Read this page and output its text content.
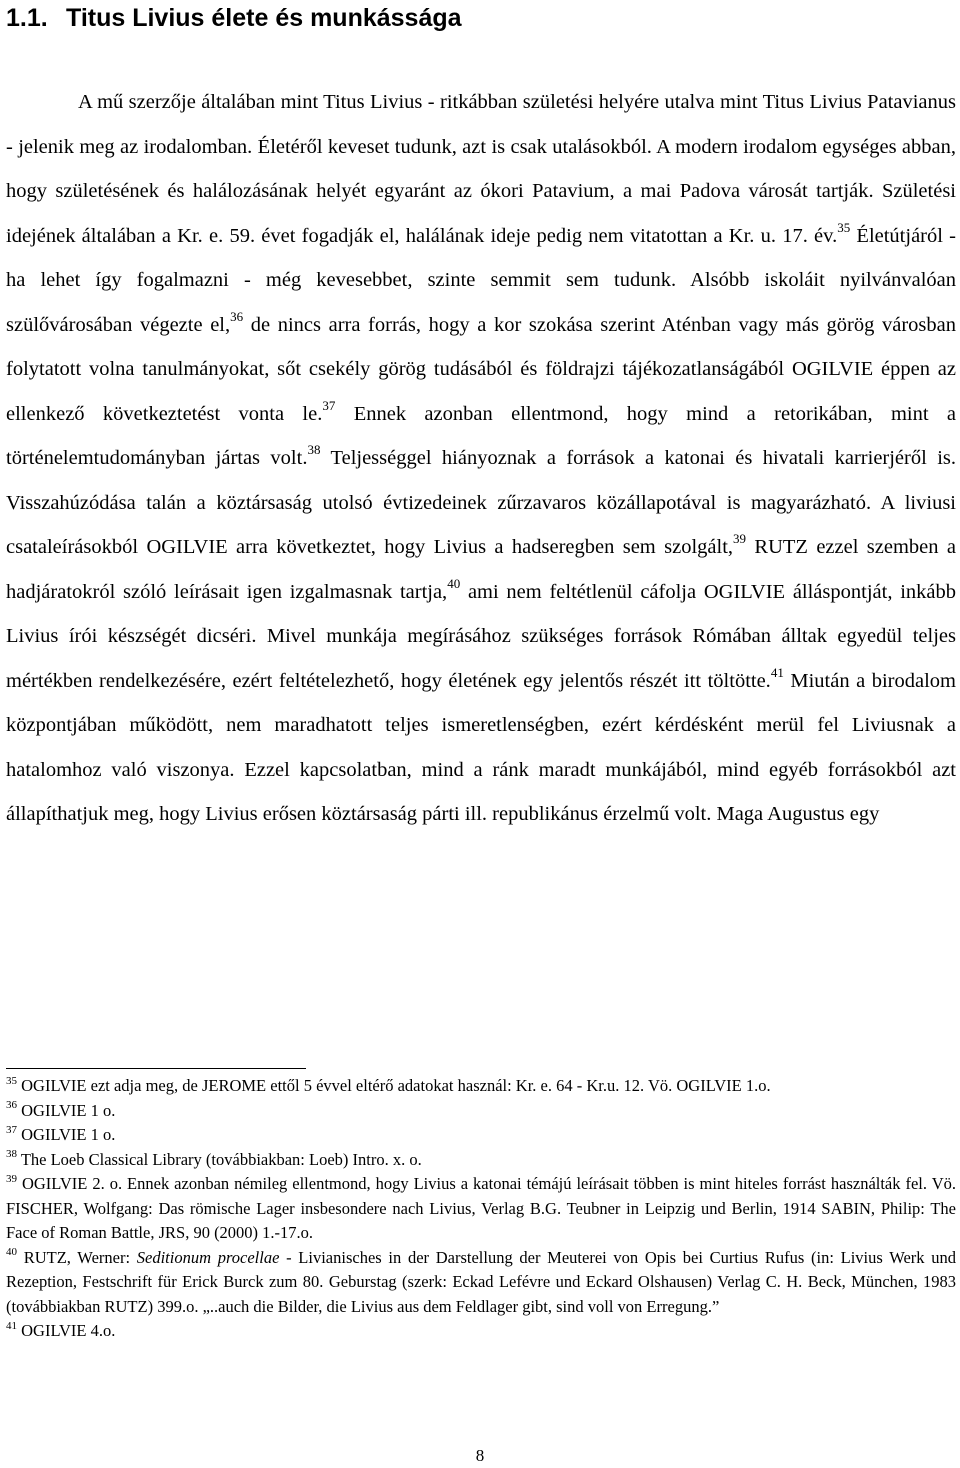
1.1. Titus Livius élete és munkássága

A mű szerzője általában mint Titus Livius - ritkábban születési helyére utalva mint Titus Livius Patavianus - jelenik meg az irodalomban. Életéről keveset tudunk, azt is csak utalásokból. A modern irodalom egységes abban, hogy születésének és halálozásának helyét egyaránt az ókori Patavium, a mai Padova városát tartják. Születési idejének általában a Kr. e. 59. évet fogadják el, halálának ideje pedig nem vitatottan a Kr. u. 17. év.$^{35}$ Életútjáról - ha lehet így fogalmazni - még kevesebbet, szinte semmit sem tudunk. Alsóbb iskoláit nyilvánvalóan szülővárosában végezte el,$^{36}$ de nincs arra forrás, hogy a kor szokása szerint Aténban vagy más görög városban folytatott volna tanulmányokat, sőt csekély görög tudásából és földrajzi tájékozatlanságából OGILVIE éppen az ellenkező következtetést vonta le.$^{37}$ Ennek azonban ellentmond, hogy mind a retorikában, mint a történelemtudományban jártas volt.$^{38}$ Teljességgel hiányoznak a források a katonai és hivatali karrierjéről is. Visszahúzódása talán a köztársaság utolsó évtizedeinek zűrzavaros közállapotával is magyarázható. A liviusi csataleírásokból OGILVIE arra következtet, hogy Livius a hadseregben sem szolgált,$^{39}$ RUTZ ezzel szemben a hadjáratokról szóló leírásait igen izgalmasnak tartja,$^{40}$ ami nem feltétlenül cáfolja OGILVIE álláspontját, inkább Livius írói készségét dicséri. Mivel munkája megírásához szükséges források Rómában álltak egyedül teljes mértékben rendelkezésére, ezért feltételezhető, hogy életének egy jelentős részét itt töltötte.$^{41}$ Miután a birodalom központjában működött, nem maradhatott teljes ismeretlenségben, ezért kérdésként merül fel Liviusnak a hatalomhoz való viszonya. Ezzel kapcsolatban, mind a ránk maradt munkájából, mind egyéb forrásokból azt állapíthatjuk meg, hogy Livius erősen köztársaság párti ill. republikánus érzelmű volt. Maga Augustus egy

$^{35}$ OGILVIE ezt adja meg, de JEROME ettől 5 évvel eltérő adatokat használ: Kr. e. 64 - Kr.u. 12. Vö. OGILVIE 1.o.

$^{36}$ OGILVIE 1 o.

$^{37}$ OGILVIE 1 o.

$^{38}$ The Loeb Classical Library (továbbiakban: Loeb) Intro. x. o.

$^{39}$ OGILVIE 2. o. Ennek azonban némileg ellentmond, hogy Livius a katonai témájú leírásait többen is mint hiteles forrást használták fel. Vö. FISCHER, Wolfgang: Das römische Lager insbesondere nach Livius, Verlag B.G. Teubner in Leipzig und Berlin, 1914 SABIN, Philip: The Face of Roman Battle, JRS, 90 (2000) 1.-17.o.

$^{40}$ RUTZ, Werner: Seditionum procellae - Livianisches in der Darstellung der Meuterei von Opis bei Curtius Rufus (in: Livius Werk und Rezeption, Festschrift für Erick Burck zum 80. Geburstag (szerk: Eckad Lefévre und Eckard Olshausen) Verlag C. H. Beck, München, 1983 (továbbiakban RUTZ) 399.o. „..auch die Bilder, die Livius aus dem Feldlager gibt, sind voll von Erregung.”

$^{41}$ OGILVIE 4.o.

8
